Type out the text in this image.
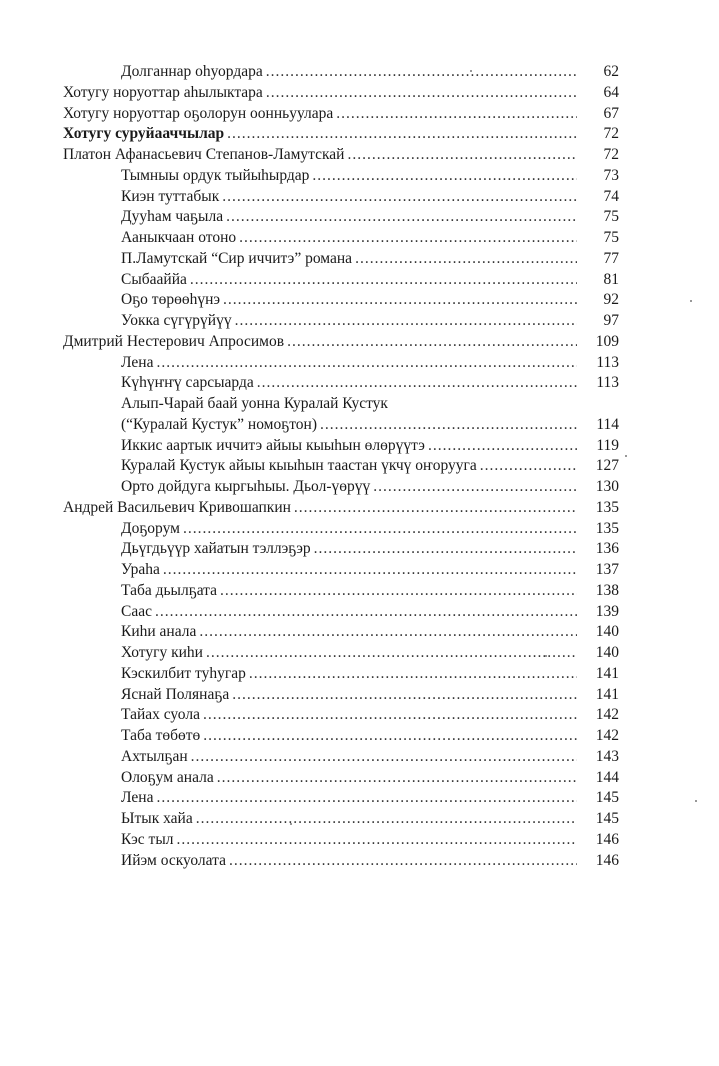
Долганнар оһуордара .....	62
Хотугу норуоттар аһылыктара .....	64
Хотугу норуоттар оҕолорун оонньуулара .....	67
Хотугу суруйааччылар .....	72
Платон Афанасьевич Степанов-Ламутскай .....	72
Тымныы ордук тыйыһырдар .....	73
Киэн туттабык .....	74
Дууһам чаҕыла .....	75
Ааныкчаан отоно .....	75
П.Ламутскай “Сир иччитэ” романа .....	77
Сыбааййа .....	81
Оҕо төрөөһүнэ .....	92
Уокка сүгүрүйүү .....	97
Дмитрий Нестерович Апросимов .....	109
Лена .....	113
Күһүҥҥү сарсыарда .....	113
Алып-Чарай баай уонна Куралай Кустук
(“Куралай Кустук” номоҕтон) .....	114
Иккис аартык иччитэ айыы кыыһын өлөрүүтэ .....	119
Куралай Кустук айыы кыыһын таастан үкчү оҥорууга .....	127
Орто дойдуга кыргыһыы. Дьол-үөрүү .....	130
Андрей Васильевич Кривошапкин .....	135
Доҕорум .....	135
Дьүгдьүүр хайатын тэллэҕэр .....	136
Ураһа .....	137
Таба дьылҕата .....	138
Саас .....	139
Киһи анала .....	140
Хотугу киһи .....	140
Кэскилбит туһугар .....	141
Яснай Полянаҕа .....	141
Тайах суола .....	142
Таба төбөтө .....	142
Ахтылҕан .....	143
Олоҕум анала .....	144
Лена .....	145
Ытык хайа .....	145
Кэс тыл .....	146
Ийэм оскуолата .....	146
